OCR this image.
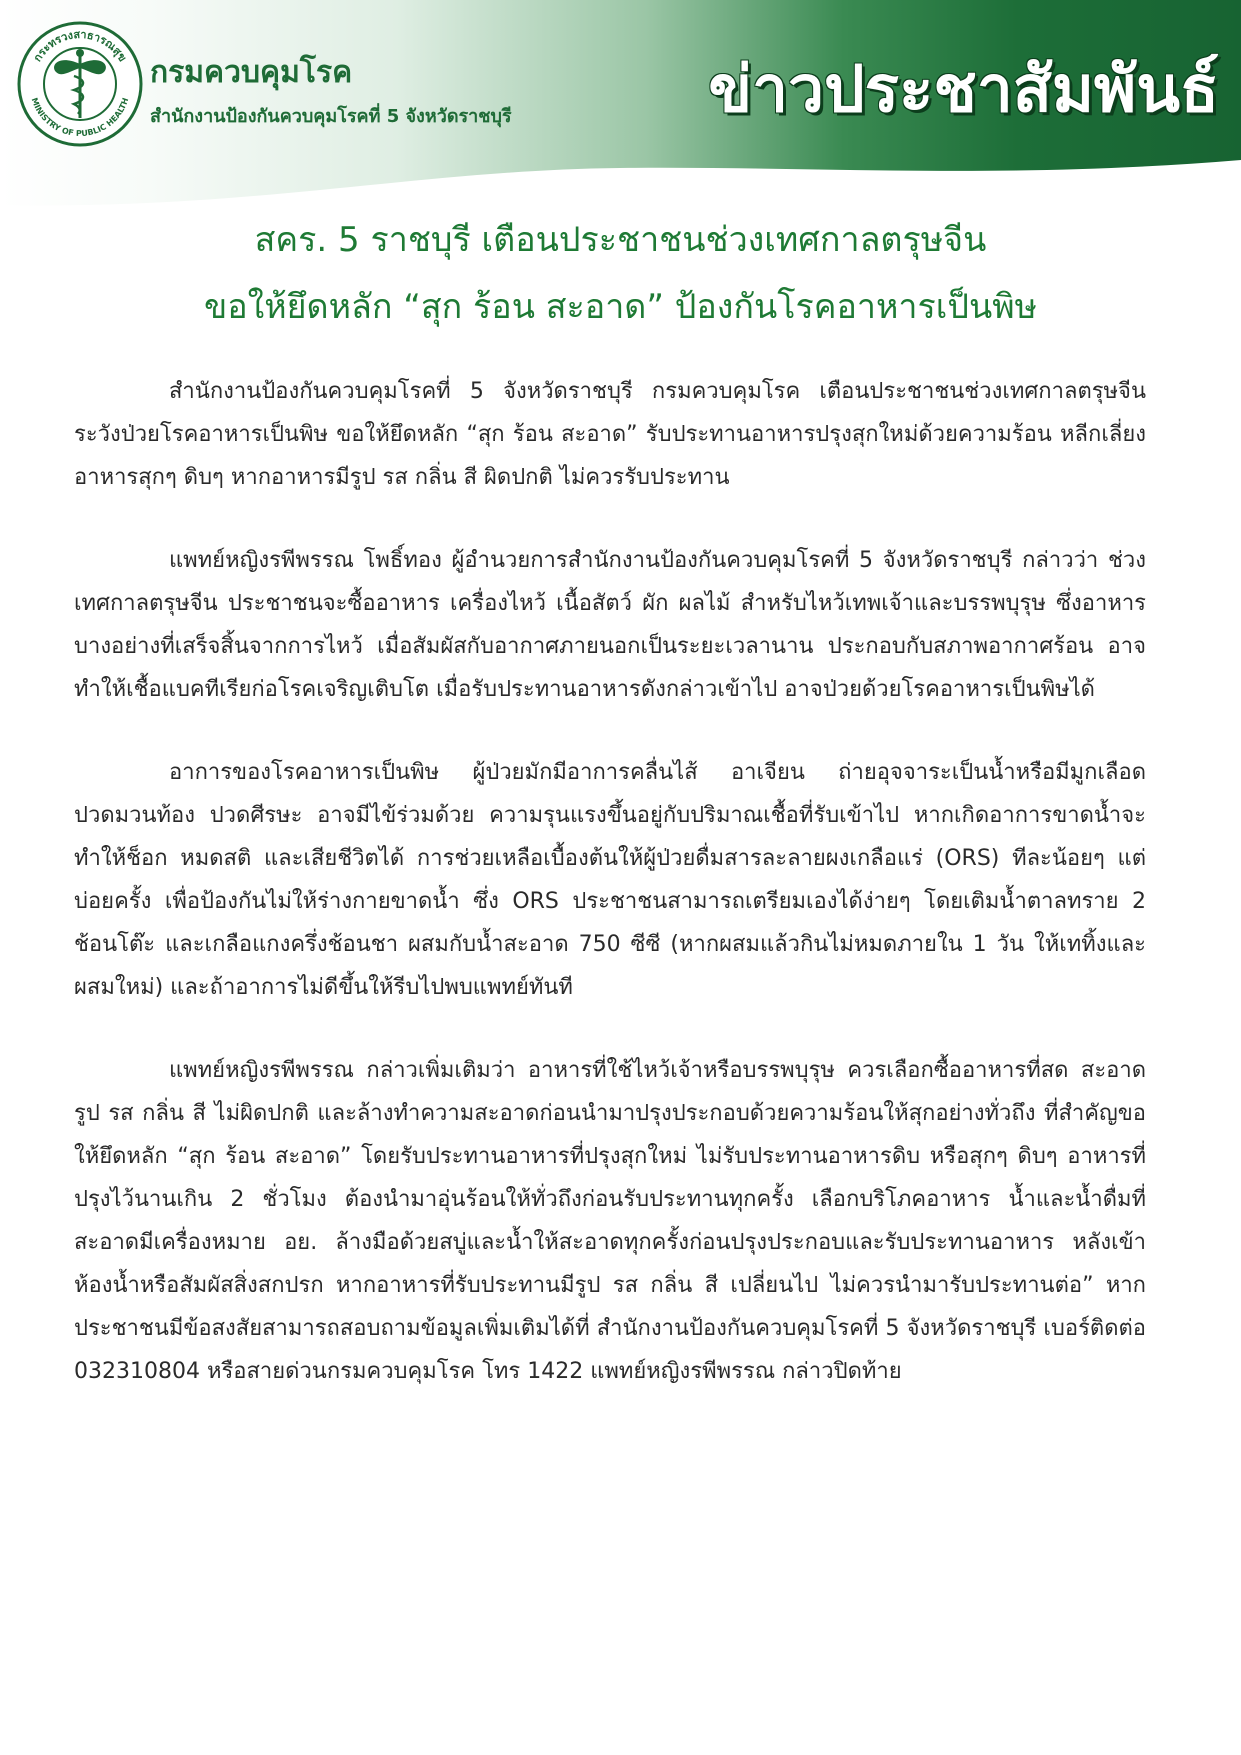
กระทรวงสาธารณสุข
MINISTRY OF PUBLIC HEALTH
กรมควบคุมโรค
สำนักงานป้องกันควบคุมโรคที่ 5 จังหวัดราชบุรี	ข่าวประชาสัมพันธ์
สคร. 5 ราชบุรี เตือนประชาชนช่วงเทศกาลตรุษจีน
ขอให้ยึดหลัก “สุก ร้อน สะอาด” ป้องกันโรคอาหารเป็นพิษ

สำนักงานป้องกันควบคุมโรคที่ 5 จังหวัดราชบุรี กรมควบคุมโรค เตือนประชาชนช่วงเทศกาลตรุษจีน ระวังป่วยโรคอาหารเป็นพิษ ขอให้ยึดหลัก “สุก ร้อน สะอาด” รับประทานอาหารปรุงสุกใหม่ด้วยความร้อน หลีกเลี่ยงอาหารสุกๆ ดิบๆ หากอาหารมีรูป รส กลิ่น สี ผิดปกติ ไม่ควรรับประทาน

แพทย์หญิงรพีพรรณ โพธิ์ทอง ผู้อำนวยการสำนักงานป้องกันควบคุมโรคที่ 5 จังหวัดราชบุรี กล่าวว่า ช่วงเทศกาลตรุษจีน ประชาชนจะซื้ออาหาร เครื่องไหว้ เนื้อสัตว์ ผัก ผลไม้ สำหรับไหว้เทพเจ้าและบรรพบุรุษ ซึ่งอาหารบางอย่างที่เสร็จสิ้นจากการไหว้ เมื่อสัมผัสกับอากาศภายนอกเป็นระยะเวลานาน ประกอบกับสภาพอากาศร้อน อาจทำให้เชื้อแบคทีเรียก่อโรคเจริญเติบโต เมื่อรับประทานอาหารดังกล่าวเข้าไป อาจป่วยด้วยโรคอาหารเป็นพิษได้

อาการของโรคอาหารเป็นพิษ ผู้ป่วยมักมีอาการคลื่นไส้ อาเจียน ถ่ายอุจจาระเป็นน้ำหรือมีมูกเลือด ปวดมวนท้อง ปวดศีรษะ อาจมีไข้ร่วมด้วย ความรุนแรงขึ้นอยู่กับปริมาณเชื้อที่รับเข้าไป หากเกิดอาการขาดน้ำจะทำให้ช็อก หมดสติ และเสียชีวิตได้ การช่วยเหลือเบื้องต้นให้ผู้ป่วยดื่มสารละลายผงเกลือแร่ (ORS) ทีละน้อยๆ แต่บ่อยครั้ง เพื่อป้องกันไม่ให้ร่างกายขาดน้ำ ซึ่ง ORS ประชาชนสามารถเตรียมเองได้ง่ายๆ โดยเติมน้ำตาลทราย 2 ช้อนโต๊ะ และเกลือแกงครึ่งช้อนชา ผสมกับน้ำสะอาด 750 ซีซี (หากผสมแล้วกินไม่หมดภายใน 1 วัน ให้เททิ้งและผสมใหม่) และถ้าอาการไม่ดีขึ้นให้รีบไปพบแพทย์ทันที

แพทย์หญิงรพีพรรณ กล่าวเพิ่มเติมว่า อาหารที่ใช้ไหว้เจ้าหรือบรรพบุรุษ ควรเลือกซื้ออาหารที่สด สะอาด รูป รส กลิ่น สี ไม่ผิดปกติ และล้างทำความสะอาดก่อนนำมาปรุงประกอบด้วยความร้อนให้สุกอย่างทั่วถึง ที่สำคัญขอให้ยึดหลัก “สุก ร้อน สะอาด” โดยรับประทานอาหารที่ปรุงสุกใหม่ ไม่รับประทานอาหารดิบ หรือสุกๆ ดิบๆ อาหารที่ปรุงไว้นานเกิน 2 ชั่วโมง ต้องนำมาอุ่นร้อนให้ทั่วถึงก่อนรับประทานทุกครั้ง เลือกบริโภคอาหาร น้ำและน้ำดื่มที่สะอาดมีเครื่องหมาย อย. ล้างมือด้วยสบู่และน้ำให้สะอาดทุกครั้งก่อนปรุงประกอบและรับประทานอาหาร หลังเข้าห้องน้ำหรือสัมผัสสิ่งสกปรก หากอาหารที่รับประทานมีรูป รส กลิ่น สี เปลี่ยนไป ไม่ควรนำมารับประทานต่อ” หากประชาชนมีข้อสงสัยสามารถสอบถามข้อมูลเพิ่มเติมได้ที่ สำนักงานป้องกันควบคุมโรคที่ 5 จังหวัดราชบุรี เบอร์ติดต่อ 032310804 หรือสายด่วนกรมควบคุมโรค โทร 1422 แพทย์หญิงรพีพรรณ กล่าวปิดท้าย
